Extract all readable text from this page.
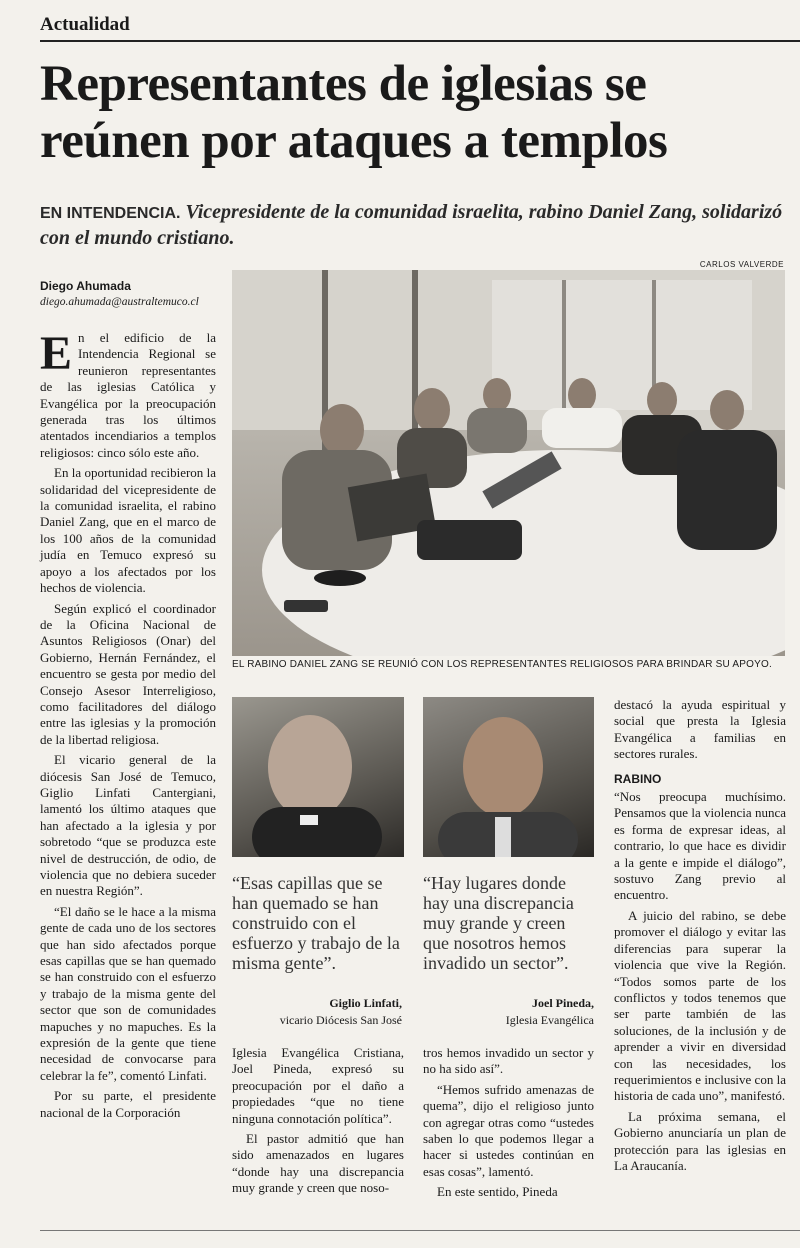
Actualidad
Representantes de iglesias se reúnen por ataques a templos
EN INTENDENCIA. Vicepresidente de la comunidad israelita, rabino Daniel Zang, solidarizó con el mundo cristiano.
CARLOS VALVERDE
Diego Ahumada
diego.ahumada@australtemuco.cl
EL RABINO DANIEL ZANG SE REUNIÓ CON LOS REPRESENTANTES RELIGIOSOS PARA BRINDAR SU APOYO.

En el edificio de la Intendencia Regional se reunieron representantes de las iglesias Católica y Evangélica por la preocupación generada tras los últimos atentados incendiarios a templos religiosos: cinco sólo este año.

En la oportunidad recibieron la solidaridad del vicepresidente de la comunidad israelita, el rabino Daniel Zang, que en el marco de los 100 años de la comunidad judía en Temuco expresó su apoyo a los afectados por los hechos de violencia.

Según explicó el coordinador de la Oficina Nacional de Asuntos Religiosos (Onar) del Gobierno, Hernán Fernández, el encuentro se gesta por medio del Consejo Asesor Interreligioso, como facilitadores del diálogo entre las iglesias y la promoción de la libertad religiosa.

El vicario general de la diócesis San José de Temuco, Giglio Linfati Cantergiani, lamentó los último ataques que han afectado a la iglesia y por sobretodo “que se produzca este nivel de destrucción, de odio, de violencia que no debiera suceder en nuestra Región”.

“El daño se le hace a la misma gente de cada uno de los sectores que han sido afectados porque esas capillas que se han quemado se han construido con el esfuerzo y trabajo de la misma gente del sector que son de comunidades mapuches y no mapuches. Es la expresión de la gente que tiene necesidad de convocarse para celebrar la fe”, comentó Linfati.

Por su parte, el presidente nacional de la Corporación

“Esas capillas que se han quemado se han construido con el esfuerzo y trabajo de la misma gente”.
Giglio Linfati,
vicario Diócesis San José
“Hay lugares donde hay una discrepancia muy grande y creen que nosotros hemos invadido un sector”.
Joel Pineda,
Iglesia Evangélica

Iglesia Evangélica Cristiana, Joel Pineda, expresó su preocupación por el daño a propiedades “que no tiene ninguna connotación política”.

El pastor admitió que han sido amenazados en lugares “donde hay una discrepancia muy grande y creen que noso-

tros hemos invadido un sector y no ha sido así”.

“Hemos sufrido amenazas de quema”, dijo el religioso junto con agregar otras como “ustedes saben lo que podemos llegar a hacer si ustedes continúan en esas cosas”, lamentó.

En este sentido, Pineda

destacó la ayuda espiritual y social que presta la Iglesia Evangélica a familias en sectores rurales.

RABINO

“Nos preocupa muchísimo. Pensamos que la violencia nunca es forma de expresar ideas, al contrario, lo que hace es dividir a la gente e impide el diálogo”, sostuvo Zang previo al encuentro.

A juicio del rabino, se debe promover el diálogo y evitar las diferencias para superar la violencia que vive la Región. “Todos somos parte de los conflictos y todos tenemos que ser parte también de las soluciones, de la inclusión y de aprender a vivir en diversidad con las necesidades, los requerimientos e inclusive con la historia de cada uno”, manifestó.

La próxima semana, el Gobierno anunciaría un plan de protección para las iglesias en La Araucanía.
